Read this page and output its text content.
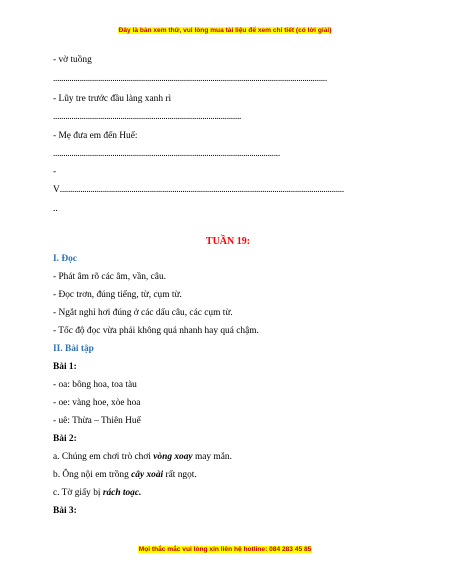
Đây là bản xem thử, vui lòng mua tài liệu để xem chi tiết (có lời giải)
- vờ tuồng
......................................................................................................................................
- Lũy tre trước đầu làng xanh rì
............................................................................................
- Mẹ đưa em đến Huế:
...............................................................................................................
-
V...........................................................................................................................................
..
TUẦN 19:
I. Đọc
- Phát âm rõ các âm, vần, câu.
- Đọc trơn, đúng tiếng, từ, cụm từ.
- Ngắt nghỉ hơi đúng ở các dấu câu, các cụm từ.
- Tốc độ đọc vừa phải không quá nhanh hay quá chậm.
II. Bài tập
Bài 1:
- oa: bông hoa, toa tàu
- oe: vàng hoe, xòe hoa
- uê: Thừa – Thiên Huế
Bài 2:
a. Chúng em chơi trò chơi vòng xoay may mắn.
b. Ông nội em trồng cây xoài rất ngọt.
c. Tờ giấy bị rách toạc.
Bài 3:
Mọi thắc mắc vui lòng xin liên hệ hotline: 084 283 45 85
